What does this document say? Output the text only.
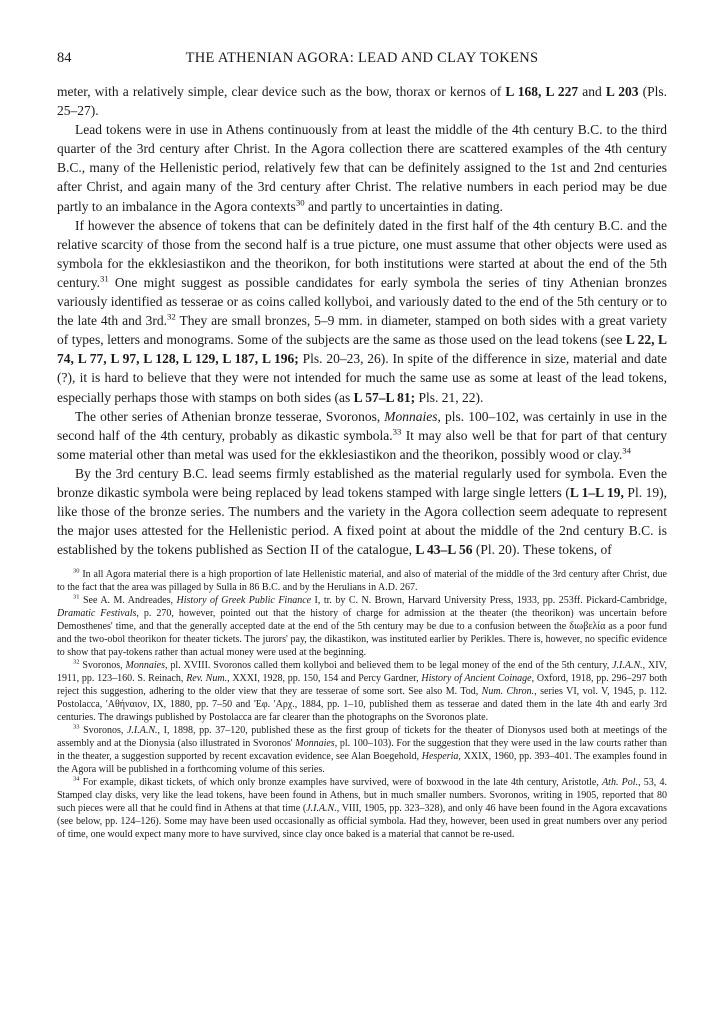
84	THE ATHENIAN AGORA: LEAD AND CLAY TOKENS

meter, with a relatively simple, clear device such as the bow, thorax or kernos of L 168, L 227 and L 203 (Pls. 25–27).

Lead tokens were in use in Athens continuously from at least the middle of the 4th century B.C. to the third quarter of the 3rd century after Christ. In the Agora collection there are scattered examples of the 4th century B.C., many of the Hellenistic period, relatively few that can be definitely assigned to the 1st and 2nd centuries after Christ, and again many of the 3rd century after Christ. The relative numbers in each period may be due partly to an imbalance in the Agora contexts$^{30}$ and partly to uncertainties in dating.

If however the absence of tokens that can be definitely dated in the first half of the 4th century B.C. and the relative scarcity of those from the second half is a true picture, one must assume that other objects were used as symbola for the ekklesiastikon and the theorikon, for both institutions were started at about the end of the 5th century.$^{31}$ One might suggest as possible candidates for early symbola the series of tiny Athenian bronzes variously identified as tesserae or as coins called kollyboi, and variously dated to the end of the 5th century or to the late 4th and 3rd.$^{32}$ They are small bronzes, 5–9 mm. in diameter, stamped on both sides with a great variety of types, letters and monograms. Some of the subjects are the same as those used on the lead tokens (see L 22, L 74, L 77, L 97, L 128, L 129, L 187, L 196; Pls. 20–23, 26). In spite of the difference in size, material and date (?), it is hard to believe that they were not intended for much the same use as some at least of the lead tokens, especially perhaps those with stamps on both sides (as L 57–L 81; Pls. 21, 22).

The other series of Athenian bronze tesserae, Svoronos, Monnaies, pls. 100–102, was certainly in use in the second half of the 4th century, probably as dikastic symbola.$^{33}$ It may also well be that for part of that century some material other than metal was used for the ekklesiastikon and the theorikon, possibly wood or clay.$^{34}$

By the 3rd century B.C. lead seems firmly established as the material regularly used for symbola. Even the bronze dikastic symbola were being replaced by lead tokens stamped with large single letters (L 1–L 19, Pl. 19), like those of the bronze series. The numbers and the variety in the Agora collection seem adequate to represent the major uses attested for the Hellenistic period. A fixed point at about the middle of the 2nd century B.C. is established by the tokens published as Section II of the catalogue, L 43–L 56 (Pl. 20). These tokens, of

$^{30}$ In all Agora material there is a high proportion of late Hellenistic material, and also of material of the middle of the 3rd century after Christ, due to the fact that the area was pillaged by Sulla in 86 B.C. and by the Herulians in A.D. 267.

$^{31}$ See A. M. Andreades, History of Greek Public Finance I, tr. by C. N. Brown, Harvard University Press, 1933, pp. 253ff. Pickard-Cambridge, Dramatic Festivals, p. 270, however, pointed out that the history of charge for admission at the theater (the theorikon) was uncertain before Demosthenes' time, and that the generally accepted date at the end of the 5th century may be due to a confusion between the διωβελία as a poor fund and the two-obol theorikon for theater tickets. The jurors' pay, the dikastikon, was instituted earlier by Perikles. There is, however, no specific evidence to show that pay-tokens rather than actual money were used at the beginning.

$^{32}$ Svoronos, Monnaies, pl. XVIII. Svoronos called them kollyboi and believed them to be legal money of the end of the 5th century, J.I.A.N., XIV, 1911, pp. 123–160. S. Reinach, Rev. Num., XXXI, 1928, pp. 150, 154 and Percy Gardner, History of Ancient Coinage, Oxford, 1918, pp. 296–297 both reject this suggestion, adhering to the older view that they are tesserae of some sort. See also M. Tod, Num. Chron., series VI, vol. V, 1945, p. 112. Postolacca, 'Αθήναιον, IX, 1880, pp. 7–50 and 'Εφ. 'Αρχ., 1884, pp. 1–10, published them as tesserae and dated them in the late 4th and early 3rd centuries. The drawings published by Postolacca are far clearer than the photographs on the Svoronos plate.

$^{33}$ Svoronos, J.I.A.N., I, 1898, pp. 37–120, published these as the first group of tickets for the theater of Dionysos used both at meetings of the assembly and at the Dionysia (also illustrated in Svoronos' Monnaies, pl. 100–103). For the suggestion that they were used in the law courts rather than in the theater, a suggestion supported by recent excavation evidence, see Alan Boegehold, Hesperia, XXIX, 1960, pp. 393–401. The examples found in the Agora will be published in a forthcoming volume of this series.

$^{34}$ For example, dikast tickets, of which only bronze examples have survived, were of boxwood in the late 4th century, Aristotle, Ath. Pol., 53, 4. Stamped clay disks, very like the lead tokens, have been found in Athens, but in much smaller numbers. Svoronos, writing in 1905, reported that 80 such pieces were all that he could find in Athens at that time (J.I.A.N., VIII, 1905, pp. 323–328), and only 46 have been found in the Agora excavations (see below, pp. 124–126). Some may have been used occasionally as official symbola. Had they, however, been used in great numbers over any period of time, one would expect many more to have survived, since clay once baked is a material that cannot be re-used.
